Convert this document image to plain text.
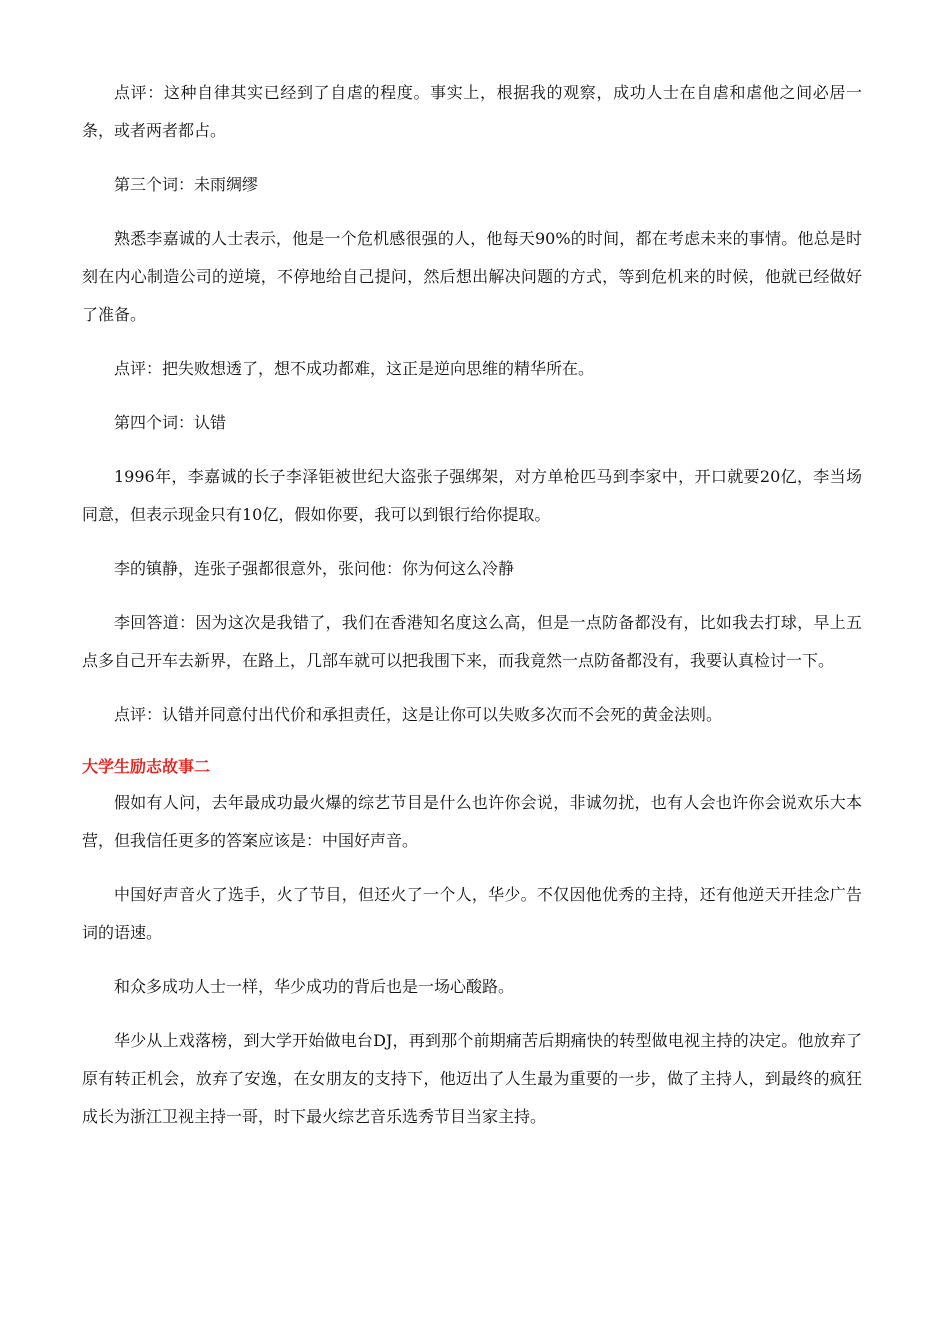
点评：这种自律其实已经到了自虐的程度。事实上，根据我的观察，成功人士在自虐和虐他之间必居一条，或者两者都占。

第三个词：未雨绸缪

熟悉李嘉诚的人士表示，他是一个危机感很强的人，他每天90%的时间，都在考虑未来的事情。他总是时刻在内心制造公司的逆境，不停地给自己提问，然后想出解决问题的方式，等到危机来的时候，他就已经做好了准备。

点评：把失败想透了，想不成功都难，这正是逆向思维的精华所在。

第四个词：认错

1996年，李嘉诚的长子李泽钜被世纪大盗张子强绑架，对方单枪匹马到李家中，开口就要20亿，李当场同意，但表示现金只有10亿，假如你要，我可以到银行给你提取。

李的镇静，连张子强都很意外，张问他：你为何这么冷静

李回答道：因为这次是我错了，我们在香港知名度这么高，但是一点防备都没有，比如我去打球，早上五点多自己开车去新界，在路上，几部车就可以把我围下来，而我竟然一点防备都没有，我要认真检讨一下。

点评：认错并同意付出代价和承担责任，这是让你可以失败多次而不会死的黄金法则。

大学生励志故事二

假如有人问，去年最成功最火爆的综艺节目是什么也许你会说，非诚勿扰，也有人会也许你会说欢乐大本营，但我信任更多的答案应该是：中国好声音。

中国好声音火了选手，火了节目，但还火了一个人，华少。不仅因他优秀的主持，还有他逆天开挂念广告词的语速。

和众多成功人士一样，华少成功的背后也是一场心酸路。

华少从上戏落榜，到大学开始做电台DJ，再到那个前期痛苦后期痛快的转型做电视主持的决定。他放弃了原有转正机会，放弃了安逸，在女朋友的支持下，他迈出了人生最为重要的一步，做了主持人，到最终的疯狂成长为浙江卫视主持一哥，时下最火综艺音乐选秀节目当家主持。
